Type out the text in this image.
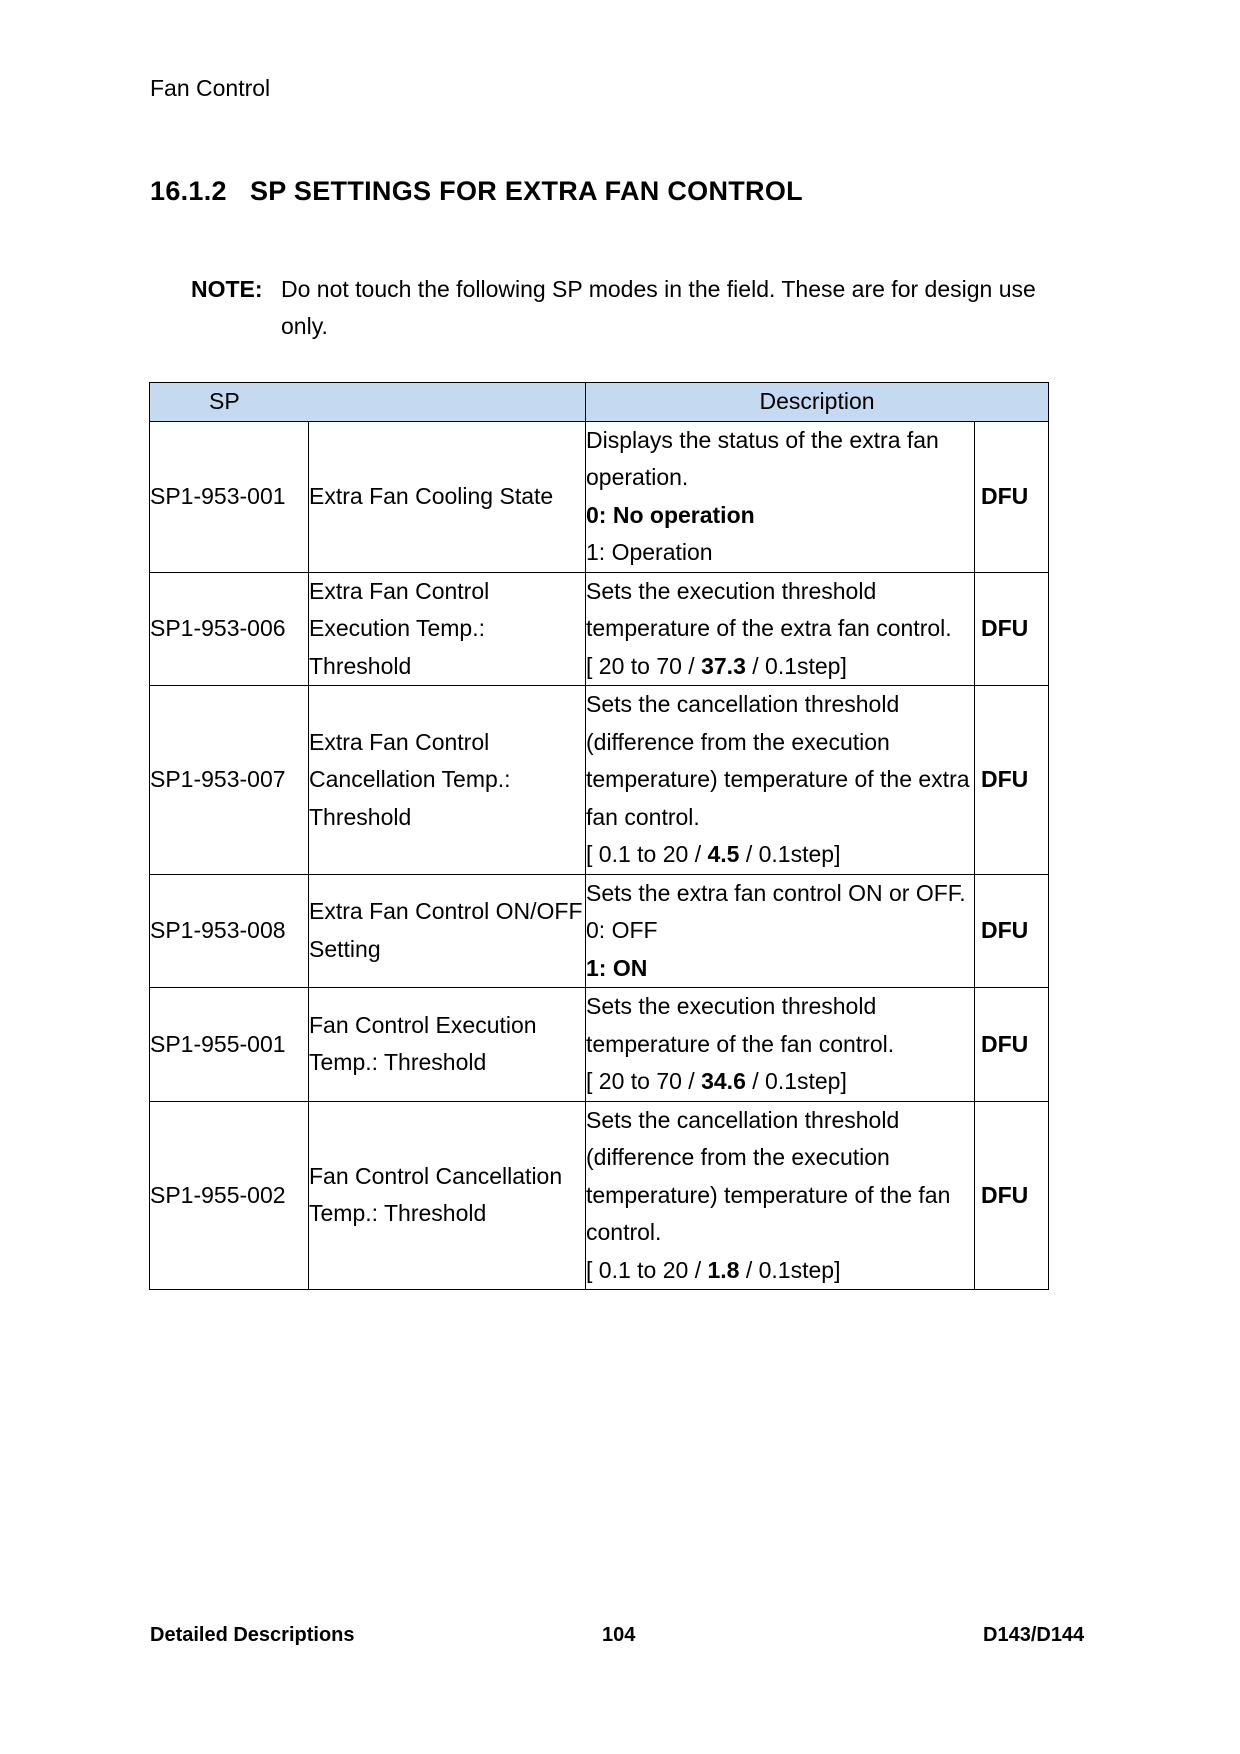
Fan Control
16.1.2 SP SETTINGS FOR EXTRA FAN CONTROL
NOTE: Do not touch the following SP modes in the field. These are for design use only.
SP		Description	
SP1-953-001	Extra Fan Cooling State	Displays the status of the extra fan operation.
0: No operation
1: Operation	DFU
SP1-953-006	Extra Fan Control Execution Temp.: Threshold	Sets the execution threshold temperature of the extra fan control.
[ 20 to 70 / 37.3 / 0.1step]	DFU
SP1-953-007	Extra Fan Control Cancellation Temp.: Threshold	Sets the cancellation threshold (difference from the execution temperature) temperature of the extra fan control.
[ 0.1 to 20 / 4.5 / 0.1step]	DFU
SP1-953-008	Extra Fan Control ON/OFF Setting	Sets the extra fan control ON or OFF.
0: OFF
1: ON	DFU
SP1-955-001	Fan Control Execution Temp.: Threshold	Sets the execution threshold temperature of the fan control.
[ 20 to 70 / 34.6 / 0.1step]	DFU
SP1-955-002	Fan Control Cancellation Temp.: Threshold	Sets the cancellation threshold (difference from the execution temperature) temperature of the fan control.
[ 0.1 to 20 / 1.8 / 0.1step]	DFU
Detailed Descriptions	104	D143/D144
